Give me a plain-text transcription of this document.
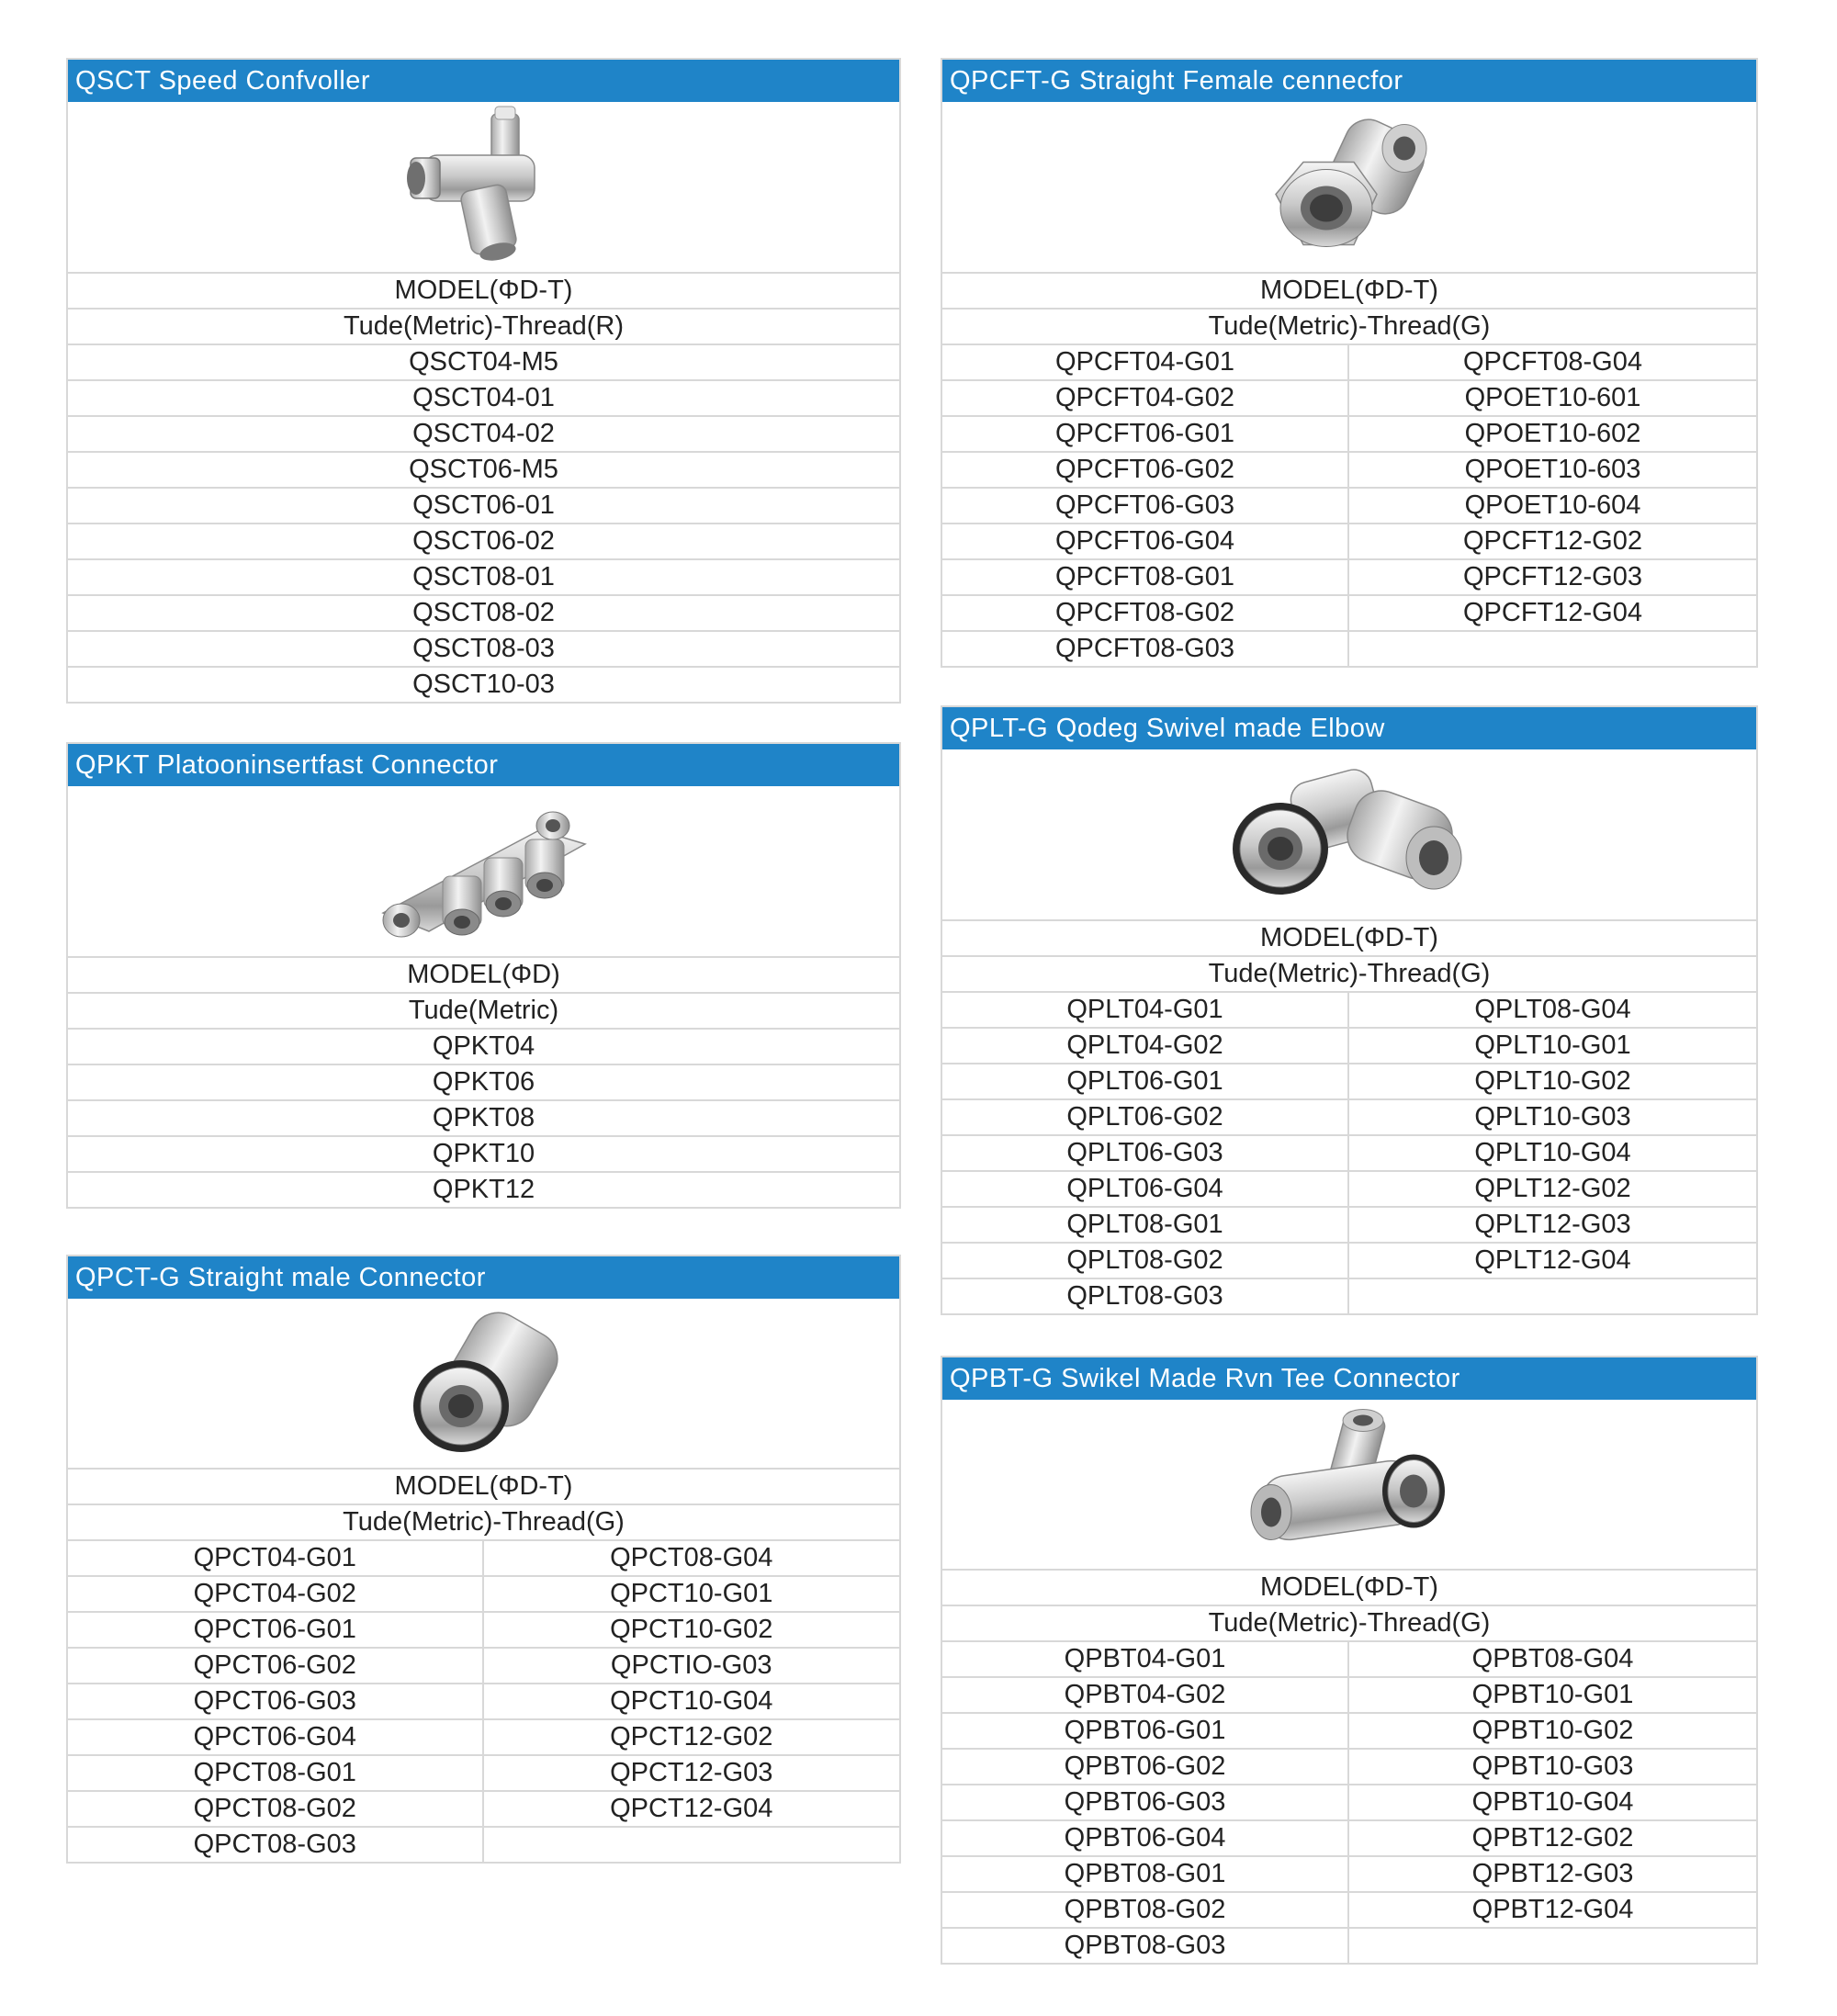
QSCT Speed Confvoller
MODEL(ΦD-T)
Tude(Metric)-Thread(R)
QSCT04-M5
QSCT04-01
QSCT04-02
QSCT06-M5
QSCT06-01
QSCT06-02
QSCT08-01
QSCT08-02
QSCT08-03
QSCT10-03
QPKT Platooninsertfast Connector
MODEL(ΦD)
Tude(Metric)
QPKT04
QPKT06
QPKT08
QPKT10
QPKT12
QPCT-G Straight male Connector
MODEL(ΦD-T)
Tude(Metric)-Thread(G)
QPCT04-G01	QPCT08-G04
QPCT04-G02	QPCT10-G01
QPCT06-G01	QPCT10-G02
QPCT06-G02	QPCTIO-G03
QPCT06-G03	QPCT10-G04
QPCT06-G04	QPCT12-G02
QPCT08-G01	QPCT12-G03
QPCT08-G02	QPCT12-G04
QPCT08-G03
QPCFT-G Straight Female cennecfor
MODEL(ΦD-T)
Tude(Metric)-Thread(G)
QPCFT04-G01	QPCFT08-G04
QPCFT04-G02	QPOET10-601
QPCFT06-G01	QPOET10-602
QPCFT06-G02	QPOET10-603
QPCFT06-G03	QPOET10-604
QPCFT06-G04	QPCFT12-G02
QPCFT08-G01	QPCFT12-G03
QPCFT08-G02	QPCFT12-G04
QPCFT08-G03
QPLT-G Qodeg Swivel made Elbow
MODEL(ΦD-T)
Tude(Metric)-Thread(G)
QPLT04-G01	QPLT08-G04
QPLT04-G02	QPLT10-G01
QPLT06-G01	QPLT10-G02
QPLT06-G02	QPLT10-G03
QPLT06-G03	QPLT10-G04
QPLT06-G04	QPLT12-G02
QPLT08-G01	QPLT12-G03
QPLT08-G02	QPLT12-G04
QPLT08-G03
QPBT-G Swikel Made Rvn Tee Connector
MODEL(ΦD-T)
Tude(Metric)-Thread(G)
QPBT04-G01	QPBT08-G04
QPBT04-G02	QPBT10-G01
QPBT06-G01	QPBT10-G02
QPBT06-G02	QPBT10-G03
QPBT06-G03	QPBT10-G04
QPBT06-G04	QPBT12-G02
QPBT08-G01	QPBT12-G03
QPBT08-G02	QPBT12-G04
QPBT08-G03
